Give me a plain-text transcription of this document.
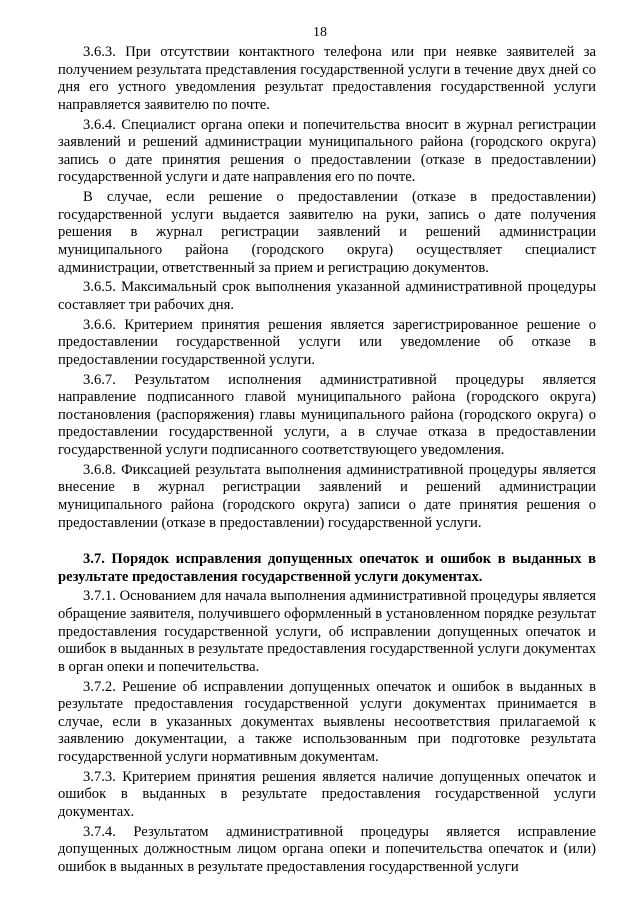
18

3.6.3. При отсутствии контактного телефона или при неявке заявителей за получением результата представления государственной услуги в течение двух дней со дня его устного уведомления результат предоставления государственной услуги направляется заявителю по почте.

3.6.4. Специалист органа опеки и попечительства вносит в журнал регистрации заявлений и решений администрации муниципального района (городского округа) запись о дате принятия решения о предоставлении (отказе в предоставлении) государственной услуги и дате направления его по почте.

В случае, если решение о предоставлении (отказе в предоставлении) государственной услуги выдается заявителю на руки, запись о дате получения решения в журнал регистрации заявлений и решений администрации муниципального района (городского округа) осуществляет специалист администрации, ответственный за прием и регистрацию документов.

3.6.5. Максимальный срок выполнения указанной административной процедуры составляет три рабочих дня.

3.6.6. Критерием принятия решения является зарегистрированное решение о предоставлении государственной услуги или уведомление об отказе в предоставлении государственной услуги.

3.6.7. Результатом исполнения административной процедуры является направление подписанного главой муниципального района (городского округа) постановления (распоряжения) главы муниципального района (городского округа) о предоставлении государственной услуги, а в случае отказа в предоставлении государственной услуги подписанного соответствующего уведомления.

3.6.8. Фиксацией результата выполнения административной процедуры является внесение в журнал регистрации заявлений и решений администрации муниципального района (городского округа) записи о дате принятия решения о предоставлении (отказе в предоставлении) государственной услуги.

3.7. Порядок исправления допущенных опечаток и ошибок в выданных в результате предоставления государственной услуги документах.

3.7.1. Основанием для начала выполнения административной процедуры является обращение заявителя, получившего оформленный в установленном порядке результат предоставления государственной услуги, об исправлении допущенных опечаток и ошибок в выданных в результате предоставления государственной услуги документах в орган опеки и попечительства.

3.7.2. Решение об исправлении допущенных опечаток и ошибок в выданных в результате предоставления государственной услуги документах принимается в случае, если в указанных документах выявлены несоответствия прилагаемой к заявлению документации, а также использованным при подготовке результата государственной услуги нормативным документам.

3.7.3. Критерием принятия решения является наличие допущенных опечаток и ошибок в выданных в результате предоставления государственной услуги документах.

3.7.4. Результатом административной процедуры является исправление допущенных должностным лицом органа опеки и попечительства опечаток и (или) ошибок в выданных в результате предоставления государственной услуги
